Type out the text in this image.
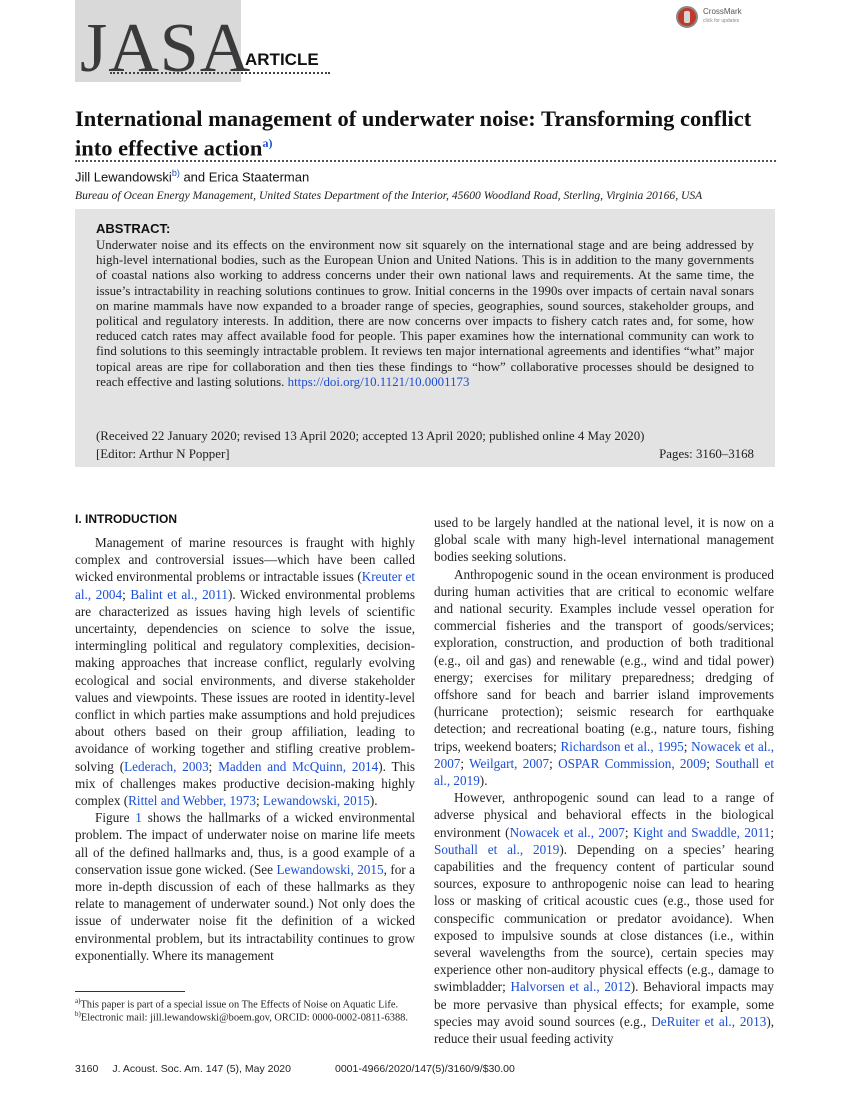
JASA
ARTICLE
CrossMark
click for updates
International management of underwater noise: Transforming conflict into effective action$^{a)}$
Jill Lewandowski$^{b)}$ and Erica Staaterman
Bureau of Ocean Energy Management, United States Department of the Interior, 45600 Woodland Road, Sterling, Virginia 20166, USA
ABSTRACT:
Underwater noise and its effects on the environment now sit squarely on the international stage and are being addressed by high-level international bodies, such as the European Union and United Nations. This is in addition to the many governments of coastal nations also working to address concerns under their own national laws and requirements. At the same time, the issue’s intractability in reaching solutions continues to grow. Initial concerns in the 1990s over impacts of certain naval sonars on marine mammals have now expanded to a broader range of species, geographies, sound sources, stakeholder groups, and political and regulatory interests. In addition, there are now concerns over impacts to fishery catch rates and, for some, how reduced catch rates may affect available food for people. This paper examines how the international community can work to find solutions to this seemingly intractable problem. It reviews ten major international agreements and identifies “what” major topical areas are ripe for collaboration and then ties these findings to “how” collaborative processes should be designed to reach effective and lasting solutions. https://doi.org/10.1121/10.0001173
(Received 22 January 2020; revised 13 April 2020; accepted 13 April 2020; published online 4 May 2020)
[Editor: Arthur N Popper]	Pages: 3160–3168
I. INTRODUCTION

Management of marine resources is fraught with highly complex and controversial issues—which have been called wicked environmental problems or intractable issues (Kreuter et al., 2004; Balint et al., 2011). Wicked environmental problems are characterized as issues having high levels of scientific uncertainty, dependencies on science to solve the issue, intermingling political and regulatory complexities, decision-making approaches that increase conflict, regularly evolving ecological and social environments, and diverse stakeholder values and viewpoints. These issues are rooted in identity-level conflict in which parties make assumptions and hold prejudices about others based on their group affiliation, leading to avoidance of working together and stifling creative problem-solving (Lederach, 2003; Madden and McQuinn, 2014). This mix of challenges makes productive decision-making highly complex (Rittel and Webber, 1973; Lewandowski, 2015).

Figure 1 shows the hallmarks of a wicked environmental problem. The impact of underwater noise on marine life meets all of the defined hallmarks and, thus, is a good example of a conservation issue gone wicked. (See Lewandowski, 2015, for a more in-depth discussion of each of these hallmarks as they relate to management of underwater sound.) Not only does the issue of underwater noise fit the definition of a wicked environmental problem, but its intractability continues to grow exponentially. Where its management

used to be largely handled at the national level, it is now on a global scale with many high-level international management bodies seeking solutions.

Anthropogenic sound in the ocean environment is produced during human activities that are critical to economic welfare and national security. Examples include vessel operation for commercial fisheries and the transport of goods/services; exploration, construction, and production of both traditional (e.g., oil and gas) and renewable (e.g., wind and tidal power) energy; exercises for military preparedness; dredging of offshore sand for beach and barrier island improvements (hurricane protection); seismic research for earthquake detection; and recreational boating (e.g., nature tours, fishing trips, weekend boaters; Richardson et al., 1995; Nowacek et al., 2007; Weilgart, 2007; OSPAR Commission, 2009; Southall et al., 2019).

However, anthropogenic sound can lead to a range of adverse physical and behavioral effects in the biological environment (Nowacek et al., 2007; Kight and Swaddle, 2011; Southall et al., 2019). Depending on a species’ hearing capabilities and the frequency content of particular sound sources, exposure to anthropogenic noise can lead to hearing loss or masking of critical acoustic cues (e.g., those used for conspecific communication or predator avoidance). When exposed to impulsive sounds at close distances (i.e., within several wavelengths from the source), certain species may experience other non-auditory physical effects (e.g., damage to swimbladder; Halvorsen et al., 2012). Behavioral impacts may be more pervasive than physical effects; for example, some species may avoid sound sources (e.g., DeRuiter et al., 2013), reduce their usual feeding activity

$^{a)}$This paper is part of a special issue on The Effects of Noise on Aquatic Life.
$^{b)}$Electronic mail: jill.lewandowski@boem.gov, ORCID: 0000-0002-0811-6388.
3160 J. Acoust. Soc. Am. 147 (5), May 2020	0001-4966/2020/147(5)/3160/9/$30.00
